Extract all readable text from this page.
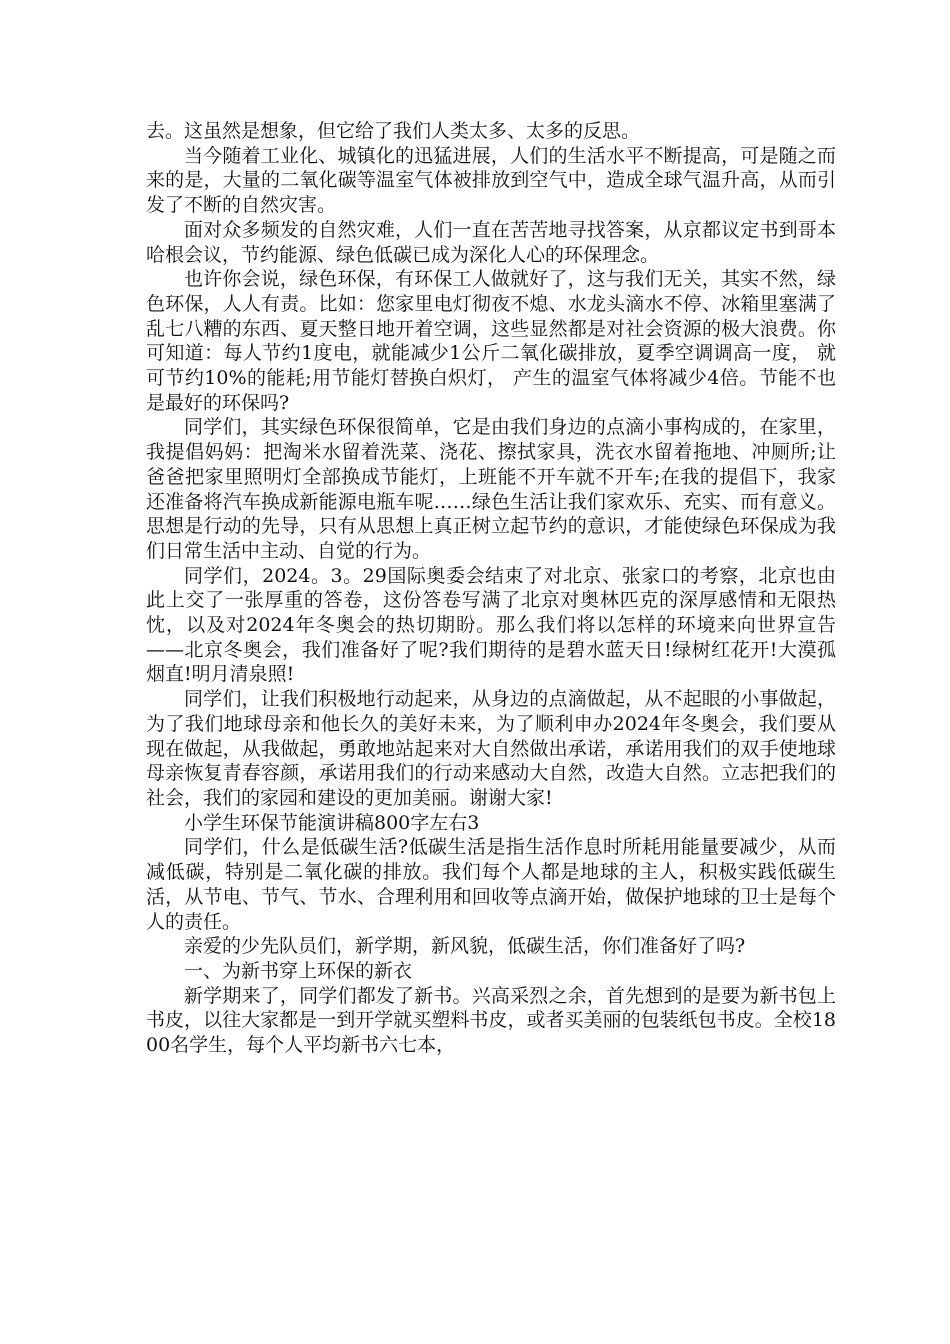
去。这虽然是想象，但它给了我们人类太多、太多的反思。

当今随着工业化、城镇化的迅猛进展，人们的生活水平不断提高，可是随之而来的是，大量的二氧化碳等温室气体被排放到空气中，造成全球气温升高，从而引发了不断的自然灾害。

面对众多频发的自然灾难，人们一直在苦苦地寻找答案，从京都议定书到哥本哈根会议，节约能源、绿色低碳已成为深化人心的环保理念。

也许你会说，绿色环保，有环保工人做就好了，这与我们无关，其实不然，绿色环保，人人有责。比如：您家里电灯彻夜不熄、水龙头滴水不停、冰箱里塞满了乱七八糟的东西、夏天整日地开着空调，这些显然都是对社会资源的极大浪费。你可知道：每人节约1度电，就能减少1公斤二氧化碳排放，夏季空调调高一度， 就可节约10%的能耗;用节能灯替换白炽灯， 产生的温室气体将减少4倍。节能不也是最好的环保吗?

同学们，其实绿色环保很简单，它是由我们身边的点滴小事构成的，在家里，我提倡妈妈：把淘米水留着洗菜、浇花、擦拭家具，洗衣水留着拖地、冲厕所;让爸爸把家里照明灯全部换成节能灯，上班能不开车就不开车;在我的提倡下，我家还准备将汽车换成新能源电瓶车呢……绿色生活让我们家欢乐、充实、而有意义。思想是行动的先导，只有从思想上真正树立起节约的意识，才能使绿色环保成为我们日常生活中主动、自觉的行为。

同学们，2024。3。29国际奥委会结束了对北京、张家口的考察，北京也由此上交了一张厚重的答卷，这份答卷写满了北京对奥林匹克的深厚感情和无限热忱，以及对2024年冬奥会的热切期盼。那么我们将以怎样的环境来向世界宣告——北京冬奥会，我们准备好了呢?我们期待的是碧水蓝天日!绿树红花开!大漠孤烟直!明月清泉照!

同学们，让我们积极地行动起来，从身边的点滴做起，从不起眼的小事做起，为了我们地球母亲和他长久的美好未来，为了顺利申办2024年冬奥会，我们要从现在做起，从我做起，勇敢地站起来对大自然做出承诺，承诺用我们的双手使地球母亲恢复青春容颜，承诺用我们的行动来感动大自然，改造大自然。立志把我们的社会，我们的家园和建设的更加美丽。谢谢大家!

小学生环保节能演讲稿800字左右3

同学们，什么是低碳生活?低碳生活是指生活作息时所耗用能量要减少，从而减低碳，特别是二氧化碳的排放。我们每个人都是地球的主人，积极实践低碳生活，从节电、节气、节水、合理利用和回收等点滴开始，做保护地球的卫士是每个人的责任。

亲爱的少先队员们，新学期，新风貌，低碳生活，你们准备好了吗?

一、为新书穿上环保的新衣

新学期来了，同学们都发了新书。兴高采烈之余，首先想到的是要为新书包上书皮，以往大家都是一到开学就买塑料书皮，或者买美丽的包装纸包书皮。全校1800名学生，每个人平均新书六七本，
